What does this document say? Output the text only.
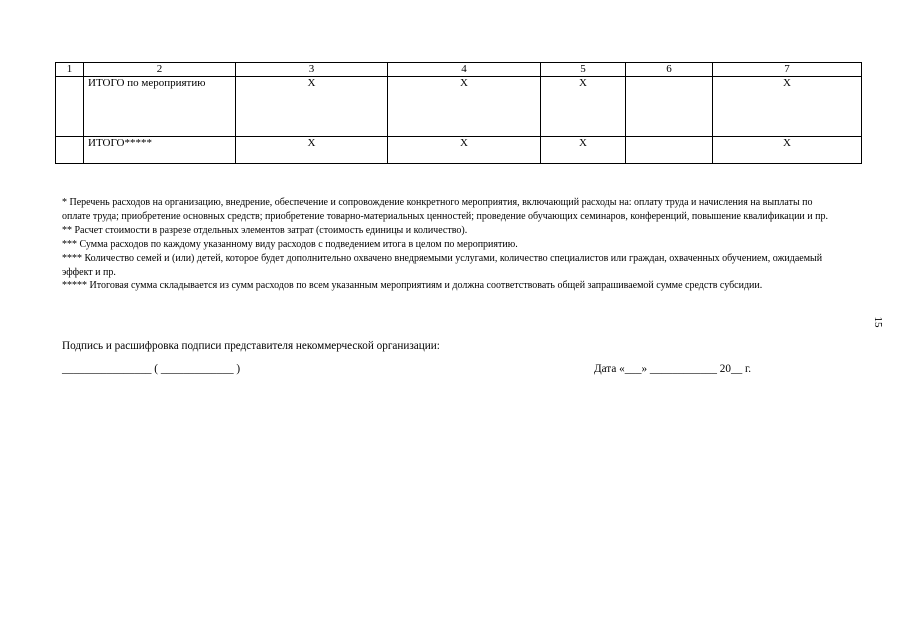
1	2	3	4	5	6	7
	ИТОГО по мероприятию	X	X	X		X
	ИТОГО*****	X	X	X		X

* Перечень расходов на организацию, внедрение, обеспечение и сопровождение конкретного мероприятия, включающий расходы на: оплату труда и начисления на выплаты по оплате труда; приобретение основных средств; приобретение товарно-материальных ценностей; проведение обучающих семинаров, конференций, повышение квалификации и пр.

** Расчет стоимости в разрезе отдельных элементов затрат (стоимость единицы и количество).

*** Сумма расходов по каждому указанному виду расходов с подведением итога в целом по мероприятию.

**** Количество семей и (или) детей, которое будет дополнительно охвачено внедряемыми услугами, количество специалистов или граждан, охваченных обучением, ожидаемый эффект и пр.

***** Итоговая сумма складывается из сумм расходов по всем указанным мероприятиям и должна соответствовать общей запрашиваемой сумме средств субсидии.

Подпись и расшифровка подписи представителя некоммерческой организации:
________________ ( _____________ )	Дата «___» ____________ 20__ г.
15
